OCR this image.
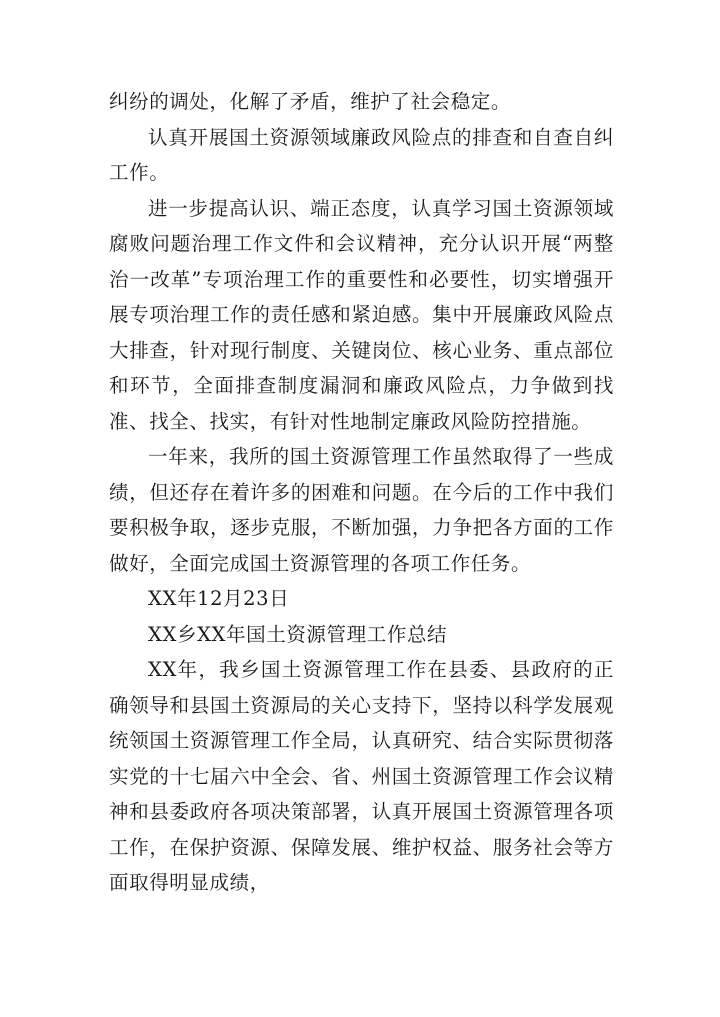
纠纷的调处，化解了矛盾，维护了社会稳定。

认真开展国土资源领域廉政风险点的排查和自查自纠工作。

进一步提高认识、端正态度，认真学习国土资源领域腐败问题治理工作文件和会议精神，充分认识开展“两整治一改革”专项治理工作的重要性和必要性，切实增强开展专项治理工作的责任感和紧迫感。集中开展廉政风险点大排查，针对现行制度、关键岗位、核心业务、重点部位和环节，全面排查制度漏洞和廉政风险点，力争做到找准、找全、找实，有针对性地制定廉政风险防控措施。

一年来，我所的国土资源管理工作虽然取得了一些成绩，但还存在着许多的困难和问题。在今后的工作中我们要积极争取，逐步克服，不断加强，力争把各方面的工作做好，全面完成国土资源管理的各项工作任务。

XX年12月23日

XX乡XX年国土资源管理工作总结

XX年，我乡国土资源管理工作在县委、县政府的正确领导和县国土资源局的关心支持下，坚持以科学发展观统领国土资源管理工作全局，认真研究、结合实际贯彻落实党的十七届六中全会、省、州国土资源管理工作会议精神和县委政府各项决策部署，认真开展国土资源管理各项工作，在保护资源、保障发展、维护权益、服务社会等方面取得明显成绩，
